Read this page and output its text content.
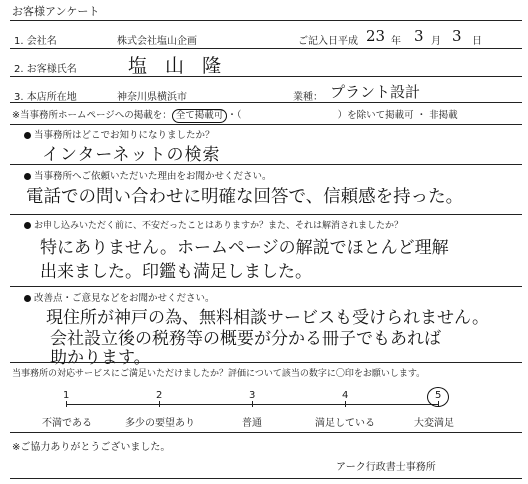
お客様アンケート
1. 会社名	株式会社塩山企画	ご記入日 平成 23 年 3 月 3 日
2. お客様氏名	塩 山 隆
3. 本店所在地	神奈川県横浜市	業種： プラント設計
※当事務所ホームページへの掲載を： 全て掲載可 ・（	）を除いて掲載可 ・ 非掲載
当事務所はどこでお知りになりましたか？
インターネットの検索
当事務所へご依頼いただいた理由をお聞かせください。
電話での問い合わせに明確な回答で、信頼感を持った。
お申し込みいただく前に、不安だったことはありますか？また、それは解消されましたか？
特にありません。ホームページの解説でほとんど理解
出来ました。印鑑も満足しました。
改善点・ご意見などをお聞かせください。
現住所が神戸の為、無料相談サービスも受けられません。
会社設立後の税務等の概要が分かる冊子でもあれば
助かります。
当事務所の対応サービスにご満足いただけましたか？評価について該当の数字に〇印をお願いします。
1	2	3	4	5
不満である	多少の要望あり	普通	満足している	大変満足
※ご協力ありがとうございました。
アーク行政書士事務所
